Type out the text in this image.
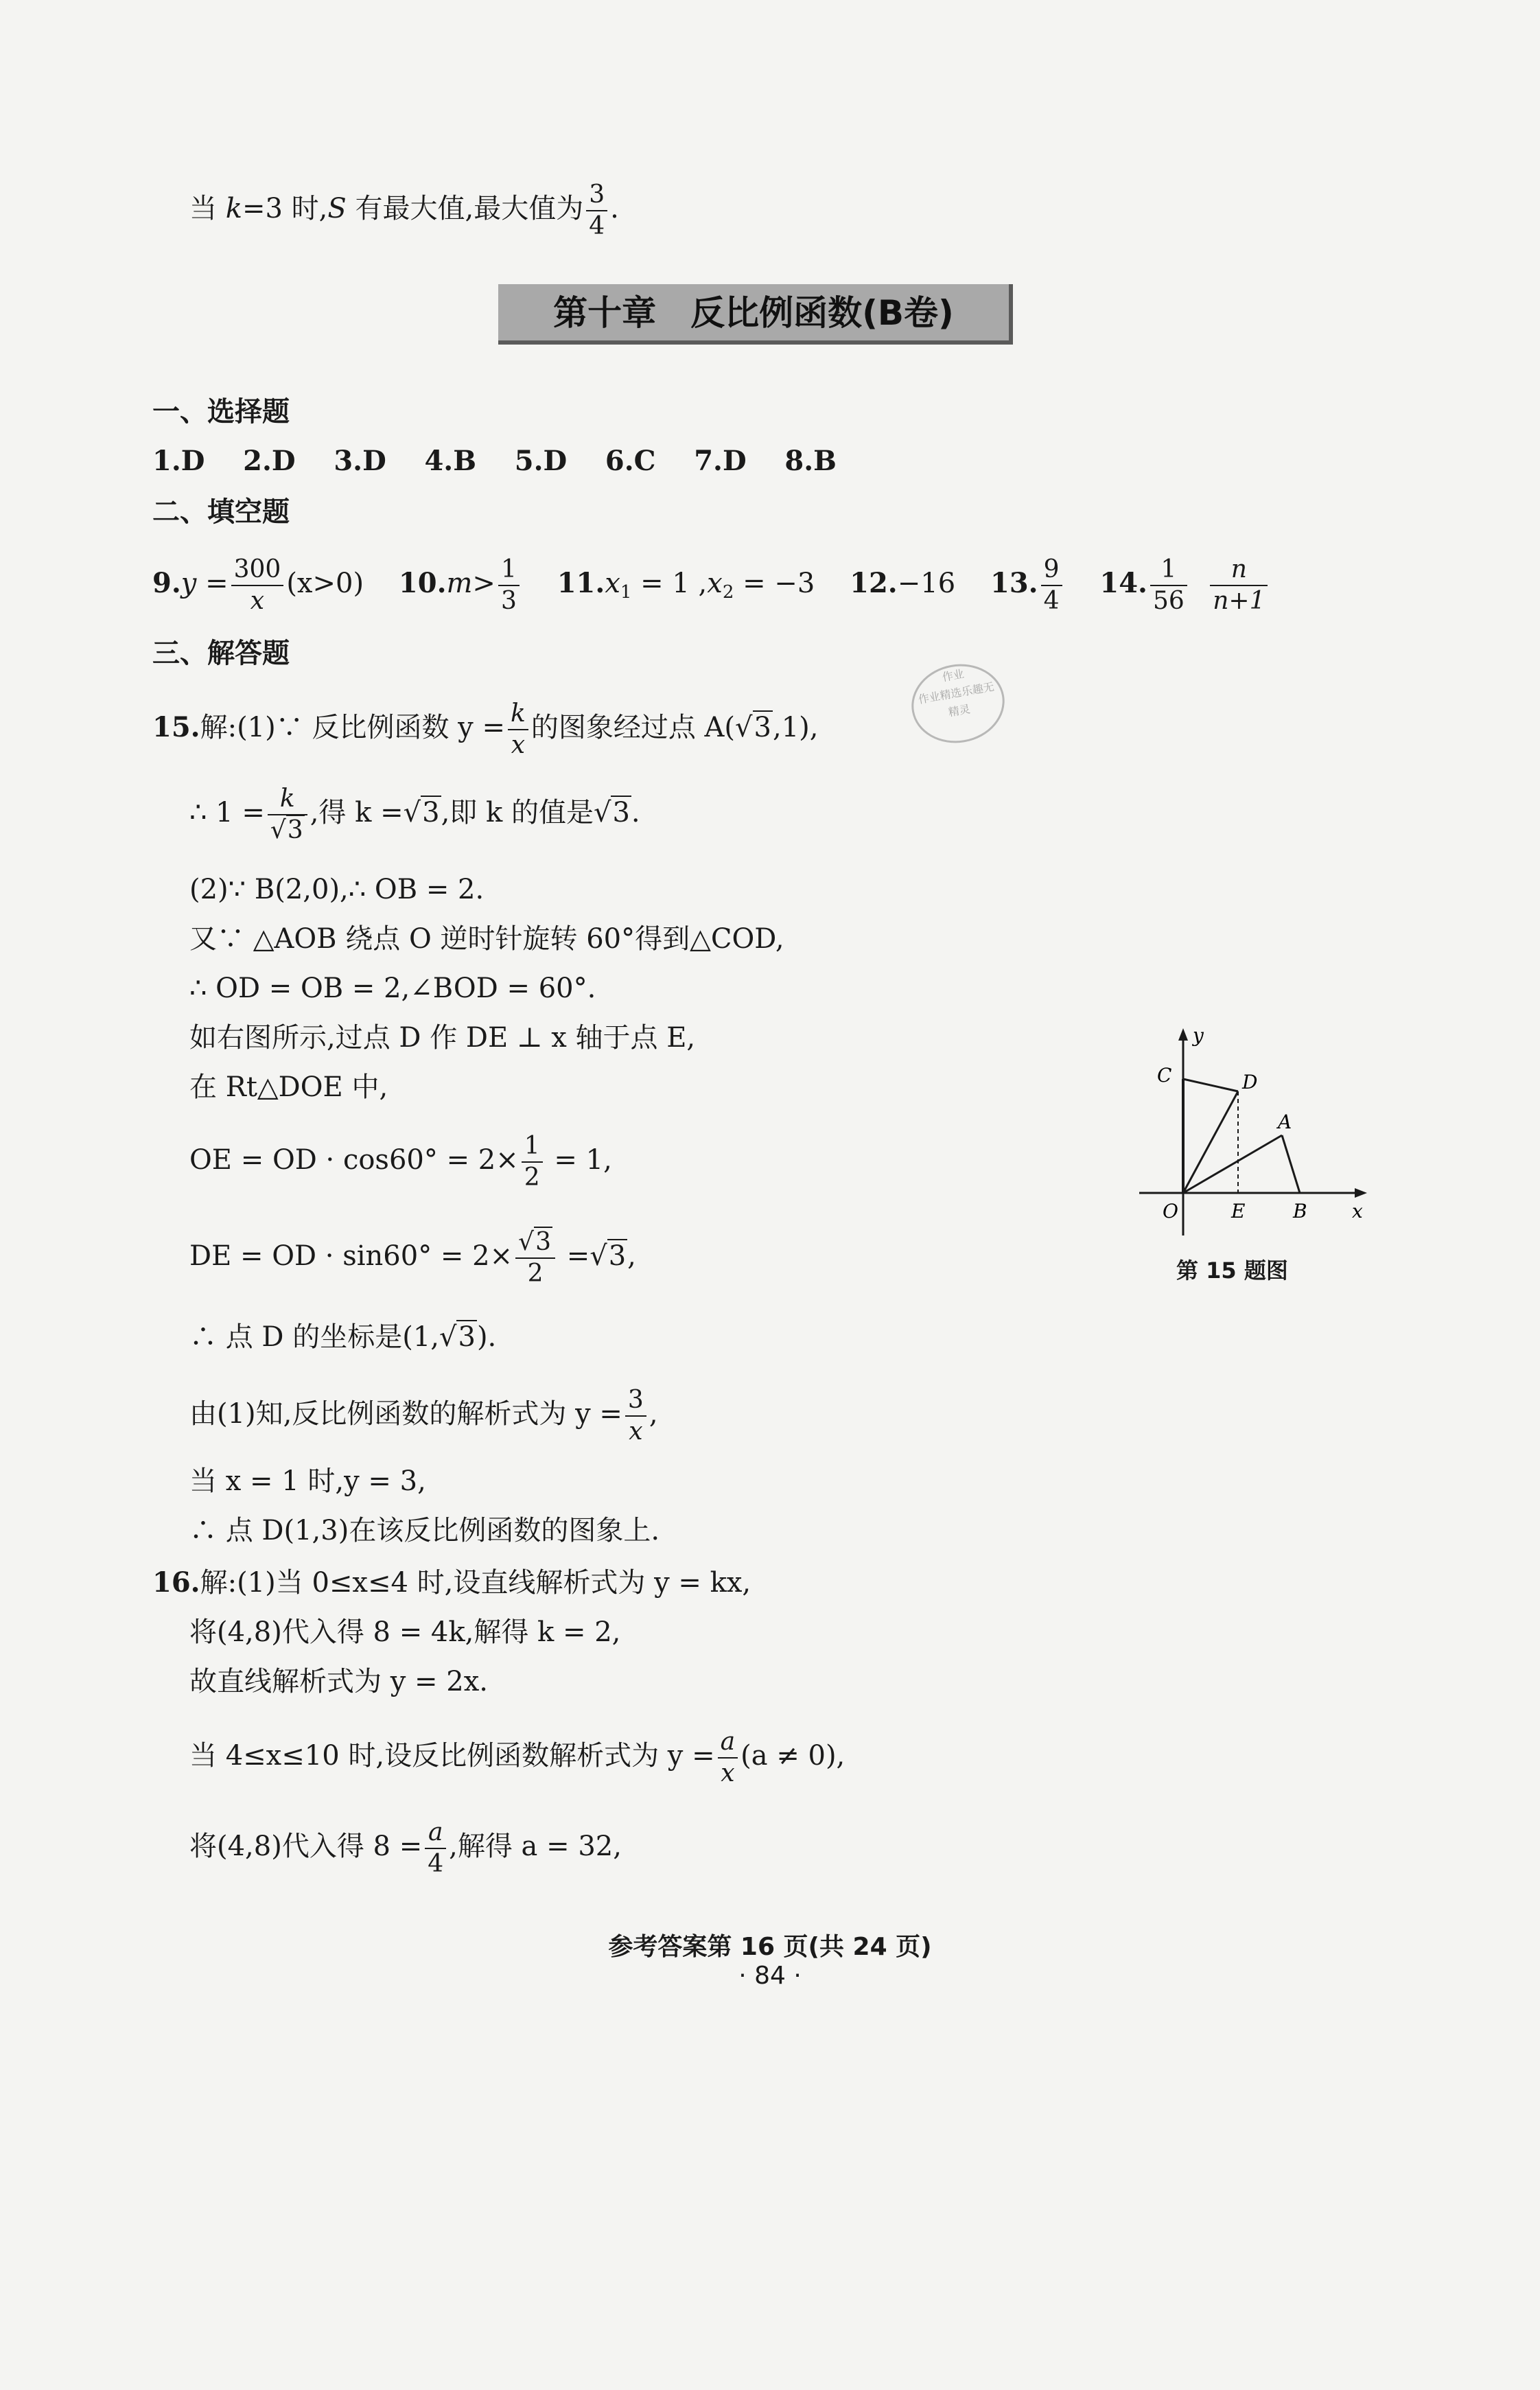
当 k=3 时,S 有最大值,最大值为 $\frac{3}{4}$ .
第十章　反比例函数(B卷)
一、选择题
1.D 2.D 3.D 4.B 5.D 6.C 7.D 8.B
二、填空题
$9.y = \frac{300}{x} (x>0)$ $10.m> \frac{1}{3} 11.x_1 = 1$ $,x_2 = -3$ 12.−16 13. $\frac{9}{4} 14$. $\frac{1}{56}$
$\frac{n}{n+1}$
三、解答题
作业
作业精选乐趣无
精灵
15.解:(1)∵ 反比例函数 $y = \frac{k}{x}$ 的图象经过点 A(√3,1),
∴ $1 = \frac{k}{√3}$ ,得 k =√3,即 k 的值是√3.
(2)∵ B(2,0),∴ OB = 2.
又∵ △AOB 绕点 O 逆时针旋转 60°得到△COD,
∴ OD = OB = 2,∠BOD = 60°.
如右图所示,过点 D 作 DE ⊥ x 轴于点 E,
在 Rt△DOE 中,
OE = OD · $\cos 60^\circ = 2\times \frac{1}{2} = 1$,
DE = OD · $\sin 60^\circ = 2\times \frac{√3}{2} =√3$,
∴ 点 D 的坐标是(1,√3).
由(1)知,反比例函数的解析式为 $y = \frac{3}{x}$ ,
当 x = 1 时,y = 3,
∴ 点 D(1,3)在该反比例函数的图象上.
y
C	D
A
O	E B x
第 15 题图
16.解:(1)当 0≤x≤4 时,设直线解析式为 y = kx,
将(4,8)代入得 8 = 4k,解得 k = 2,
故直线解析式为 y = 2x.
当 4≤x≤10 时,设反比例函数解析式为 $y = \frac{a}{x} (a \ne 0)$,
将(4,8)代入得 $8 = \frac{a}{4}$ ,解得 a = 32,
参考答案第 16 页(共 24 页)
· 84 ·
